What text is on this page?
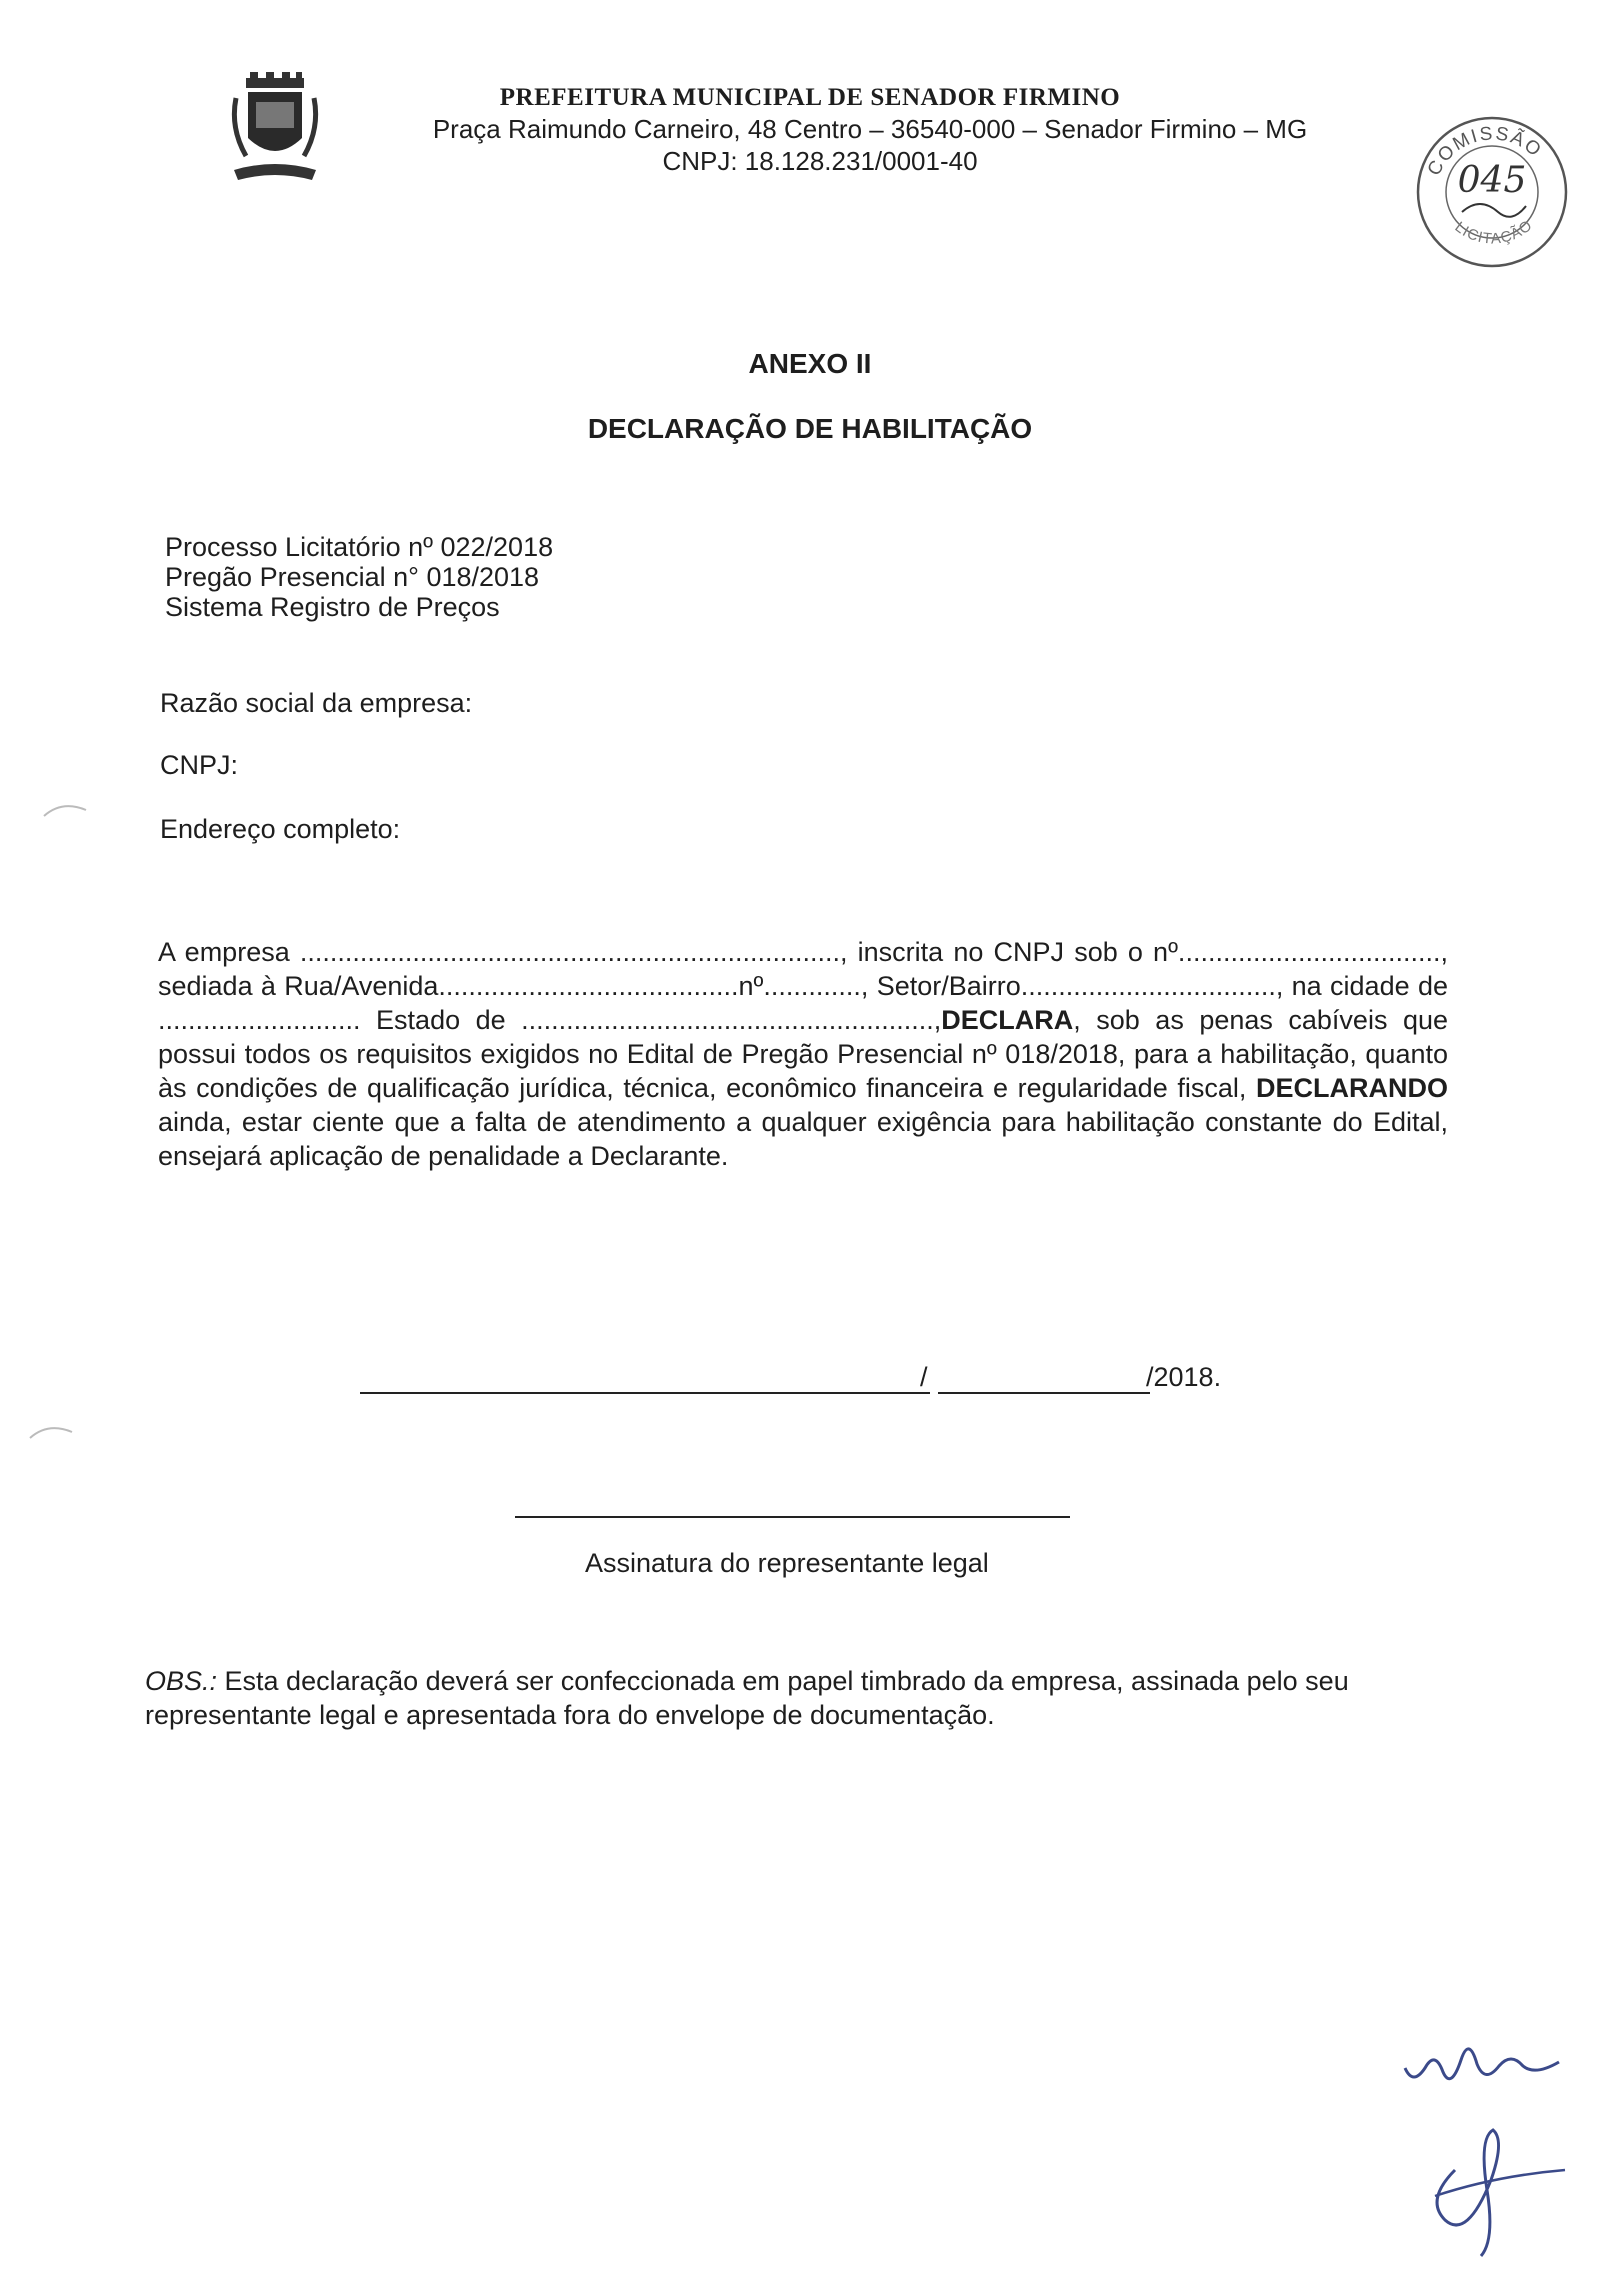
PREFEITURA MUNICIPAL DE SENADOR FIRMINO
Praça Raimundo Carneiro, 48 Centro – 36540-000 – Senador Firmino – MG
CNPJ: 18.128.231/0001-40	COMISSÃO
LICITAÇÃO
045
ANEXO II
DECLARAÇÃO DE HABILITAÇÃO
Processo Licitatório nº 022/2018
Pregão Presencial n° 018/2018
Sistema Registro de Preços
Razão social da empresa:
CNPJ:
Endereço completo:

A empresa ........................................................................, inscrita no CNPJ sob o nº..................................., sediada à Rua/Avenida........................................nº............., Setor/Bairro.................................., na cidade de ........................... Estado de .......................................................,DECLARA, sob as penas cabíveis que possui todos os requisitos exigidos no Edital de Pregão Presencial nº 018/2018, para a habilitação, quanto às condições de qualificação jurídica, técnica, econômico financeira e regularidade fiscal, DECLARANDO ainda, estar ciente que a falta de atendimento a qualquer exigência para habilitação constante do Edital, ensejará aplicação de penalidade a Declarante.

/	/2018.
Assinatura do representante legal
OBS.: Esta declaração deverá ser confeccionada em papel timbrado da empresa, assinada pelo seu representante legal e apresentada fora do envelope de documentação.
